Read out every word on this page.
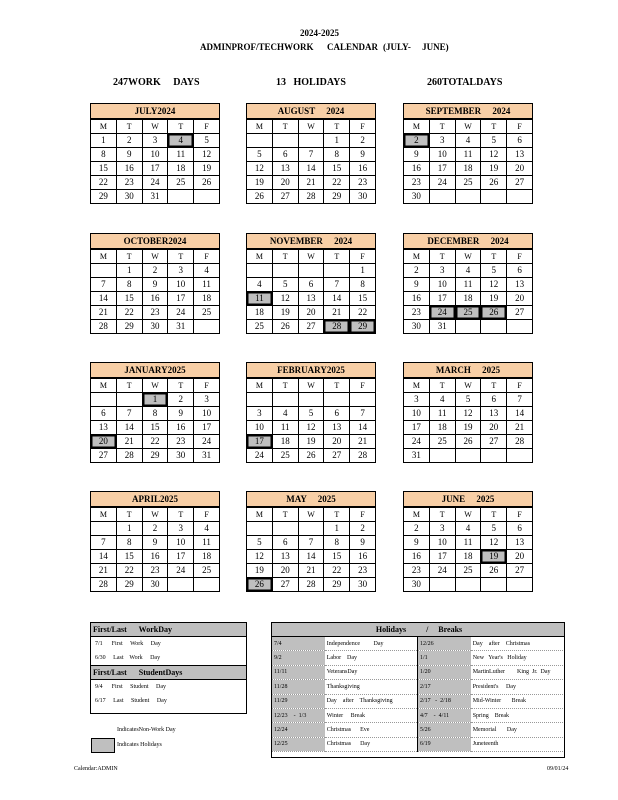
2024-2025
ADMINPROF/TECHWORK CALENDAR (JULY-     JUNE)
247WORK     DAYS	13   HOLIDAYS	260TOTALDAYS
JULY2024
M	T	W	T	F
1	2	3	4	5
8	9	10	11	12
15	16	17	18	19
22	23	24	25	26
29	30	31		
AUGUST     2024
M	T	W	T	F
			1	2
5	6	7	8	9
12	13	14	15	16
19	20	21	22	23
26	27	28	29	30
SEPTEMBER     2024
M	T	W	T	F
2	3	4	5	6
9	10	11	12	13
16	17	18	19	20
23	24	25	26	27
30				
OCTOBER2024
M	T	W	T	F
	1	2	3	4
7	8	9	10	11
14	15	16	17	18
21	22	23	24	25
28	29	30	31	
NOVEMBER     2024
M	T	W	T	F
				1
4	5	6	7	8
11	12	13	14	15
18	19	20	21	22
25	26	27	28	29
DECEMBER     2024
M	T	W	T	F
2	3	4	5	6
9	10	11	12	13
16	17	18	19	20
23	24	25	26	27
30	31			
JANUARY2025
M	T	W	T	F
		1	2	3
6	7	8	9	10
13	14	15	16	17
20	21	22	23	24
27	28	29	30	31
FEBRUARY2025
M	T	W	T	F

3	4	5	6	7
10	11	12	13	14
17	18	19	20	21
24	25	26	27	28
MARCH     2025
M	T	W	T	F
3	4	5	6	7
10	11	12	13	14
17	18	19	20	21
24	25	26	27	28
31				
APRIL2025
M	T	W	T	F
	1	2	3	4
7	8	9	10	11
14	15	16	17	18
21	22	23	24	25
28	29	30		
MAY     2025
M	T	W	T	F
			1	2
5	6	7	8	9
12	13	14	15	16
19	20	21	22	23
26	27	28	29	30
JUNE     2025
M	T	W	T	F
2	3	4	5	6
9	10	11	12	13
16	17	18	19	20
23	24	25	26	27
30				
First/Last      WorkDay
7/1      First     Work     Day
6/30     Last    Work     Day
First/Last      StudentDays
9/4      First     Student     Day
6/17     Last     Student     Day
IndicatesNon-Work Day
Indicates Holidays
Holidays          /     Breaks
7/4	Independence         Day	12/26	Day    after    Christmas
9/2	Labor    Day	1/1	New   Year's   Holiday
11/11	VeteransDay	1/20	MartinLuther        King  Jr.  Day
11/28	Thanksgiving	2/17	President's     Day
11/29	Day    after    Thanksgiving	2/17   -  2/18	Mid-Winter       Break
12/23    -  1/3	Winter     Break	4/7    -  4/11	Spring    Break
12/24	Christmas      Eve	5/26	Memorial       Day
12/25	Christmas      Day	6/19	Juneteenth
Calendar:ADMIN	09/01/24
